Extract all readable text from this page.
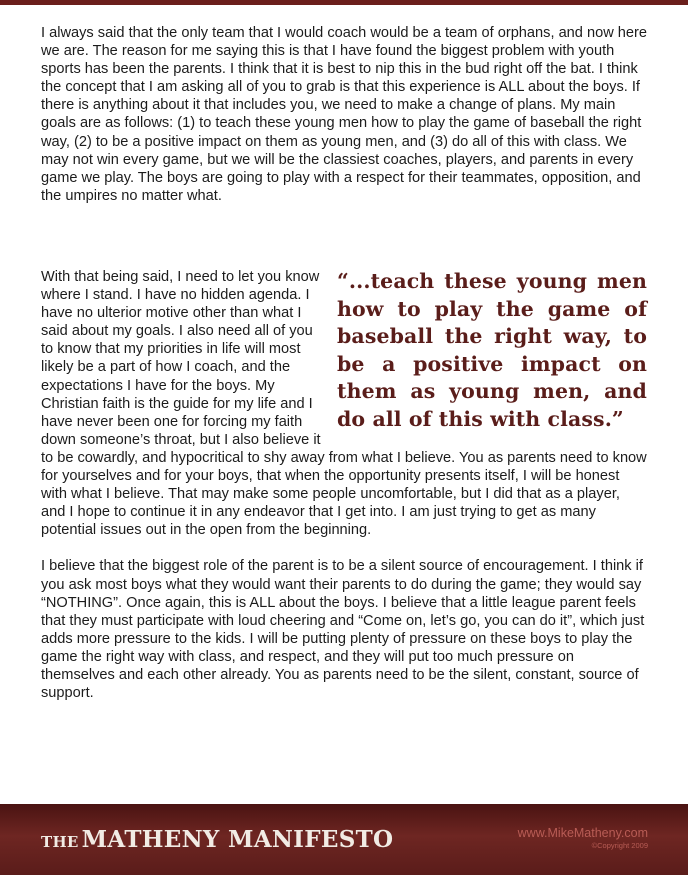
I always said that the only team that I would coach would be a team of orphans, and now here we are. The reason for me saying this is that I have found the biggest problem with youth sports has been the parents. I think that it is best to nip this in the bud right off the bat. I think the concept that I am asking all of you to grab is that this experience is ALL about the boys. If there is anything about it that includes you, we need to make a change of plans. My main goals are as follows: (1) to teach these young men how to play the game of baseball the right way, (2) to be a positive impact on them as young men, and (3) do all of this with class. We may not win every game, but we will be the classiest coaches, players, and parents in every game we play. The boys are going to play with a respect for their teammates, opposition, and the umpires no matter what.

“...teach these young men how to play the game of baseball the right way, to be a positive impact on them as young men, and do all of this with class.”

With that being said, I need to let you know where I stand. I have no hidden agenda. I have no ulterior motive other than what I said about my goals. I also need all of you to know that my priorities in life will most likely be a part of how I coach, and the expectations I have for the boys. My Christian faith is the guide for my life and I have never been one for forcing my faith down someone’s throat, but I also believe it to be cowardly, and hypocritical to shy away from what I believe. You as parents need to know for yourselves and for your boys, that when the opportunity presents itself, I will be honest with what I believe. That may make some people uncomfortable, but I did that as a player, and I hope to continue it in any endeavor that I get into. I am just trying to get as many potential issues out in the open from the beginning.

I believe that the biggest role of the parent is to be a silent source of encouragement. I think if you ask most boys what they would want their parents to do during the game; they would say “NOTHING”. Once again, this is ALL about the boys. I believe that a little league parent feels that they must participate with loud cheering and “Come on, let’s go, you can do it”, which just adds more pressure to the kids. I will be putting plenty of pressure on these boys to play the game the right way with class, and respect, and they will put too much pressure on themselves and each other already. You as parents need to be the silent, constant, source of support.

THE MATHENY MANIFESTO	www.MikeMatheny.com
©Copyright 2009
